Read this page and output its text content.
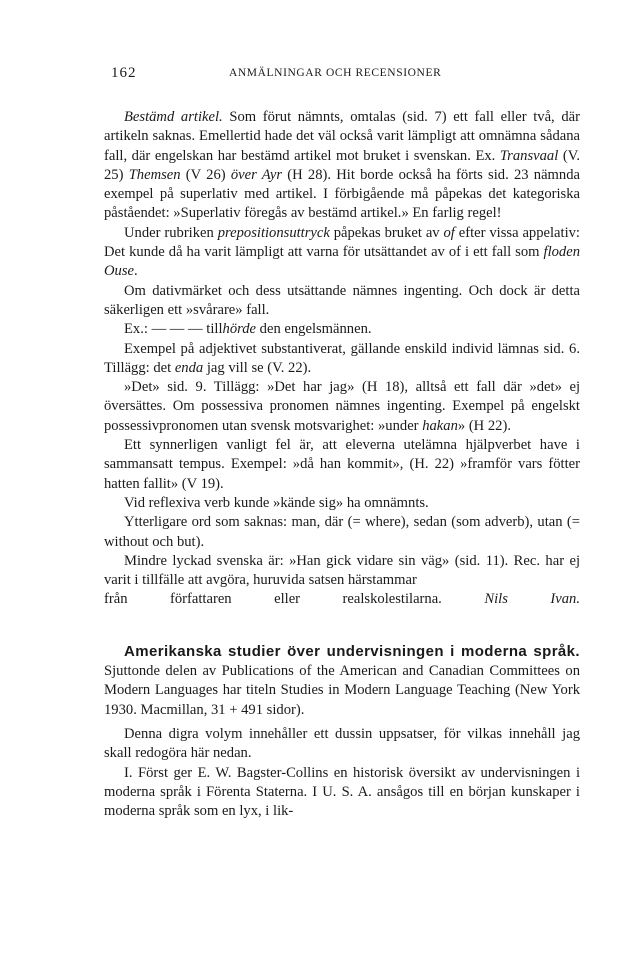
162	ANMÄLNINGAR OCH RECENSIONER

Bestämd artikel. Som förut nämnts, omtalas (sid. 7) ett fall eller två, där artikeln saknas. Emellertid hade det väl också varit lämpligt att omnämna sådana fall, där engelskan har bestämd artikel mot bruket i svenskan. Ex. Transvaal (V. 25) Themsen (V 26) över Ayr (H 28). Hit borde också ha förts sid. 23 nämnda exempel på superlativ med artikel. I förbigående må påpekas det kategoriska påståendet: »Superlativ föregås av bestämd artikel.» En farlig regel!

Under rubriken prepositionsuttryck påpekas bruket av of efter vissa appelativ: Det kunde då ha varit lämpligt att varna för utsättandet av of i ett fall som floden Ouse.

Om dativmärket och dess utsättande nämnes ingenting. Och dock är detta säkerligen ett »svårare» fall.

Ex.: — — — tillhörde den engelsmännen.

Exempel på adjektivet substantiverat, gällande enskild individ lämnas sid. 6. Tillägg: det enda jag vill se (V. 22).

»Det» sid. 9. Tillägg: »Det har jag» (H 18), alltså ett fall där »det» ej översättes. Om possessiva pronomen nämnes ingenting. Exempel på engelskt possessivpronomen utan svensk motsvarighet: »under hakan» (H 22).

Ett synnerligen vanligt fel är, att eleverna utelämna hjälpverbet have i sammansatt tempus. Exempel: »då han kommit», (H. 22) »framför vars fötter hatten fallit» (V 19).

Vid reflexiva verb kunde »kände sig» ha omnämnts.

Ytterligare ord som saknas: man, där (= where), sedan (som adverb), utan (= without och but).

Mindre lyckad svenska är: »Han gick vidare sin väg» (sid. 11). Rec. har ej varit i tillfälle att avgöra, huruvida satsen härstammar

från författaren eller realskolestilarna.	Nils Ivan.

Amerikanska studier över undervisningen i moderna språk. Sjuttonde delen av Publications of the American and Canadian Committees on Modern Languages har titeln Studies in Modern Language Teaching (New York 1930. Macmillan, 31 + 491 sidor).

Denna digra volym innehåller ett dussin uppsatser, för vilkas innehåll jag skall redogöra här nedan.

I. Först ger E. W. Bagster-Collins en historisk översikt av undervisningen i moderna språk i Förenta Staterna. I U. S. A. ansågos till en början kunskaper i moderna språk som en lyx, i lik-
